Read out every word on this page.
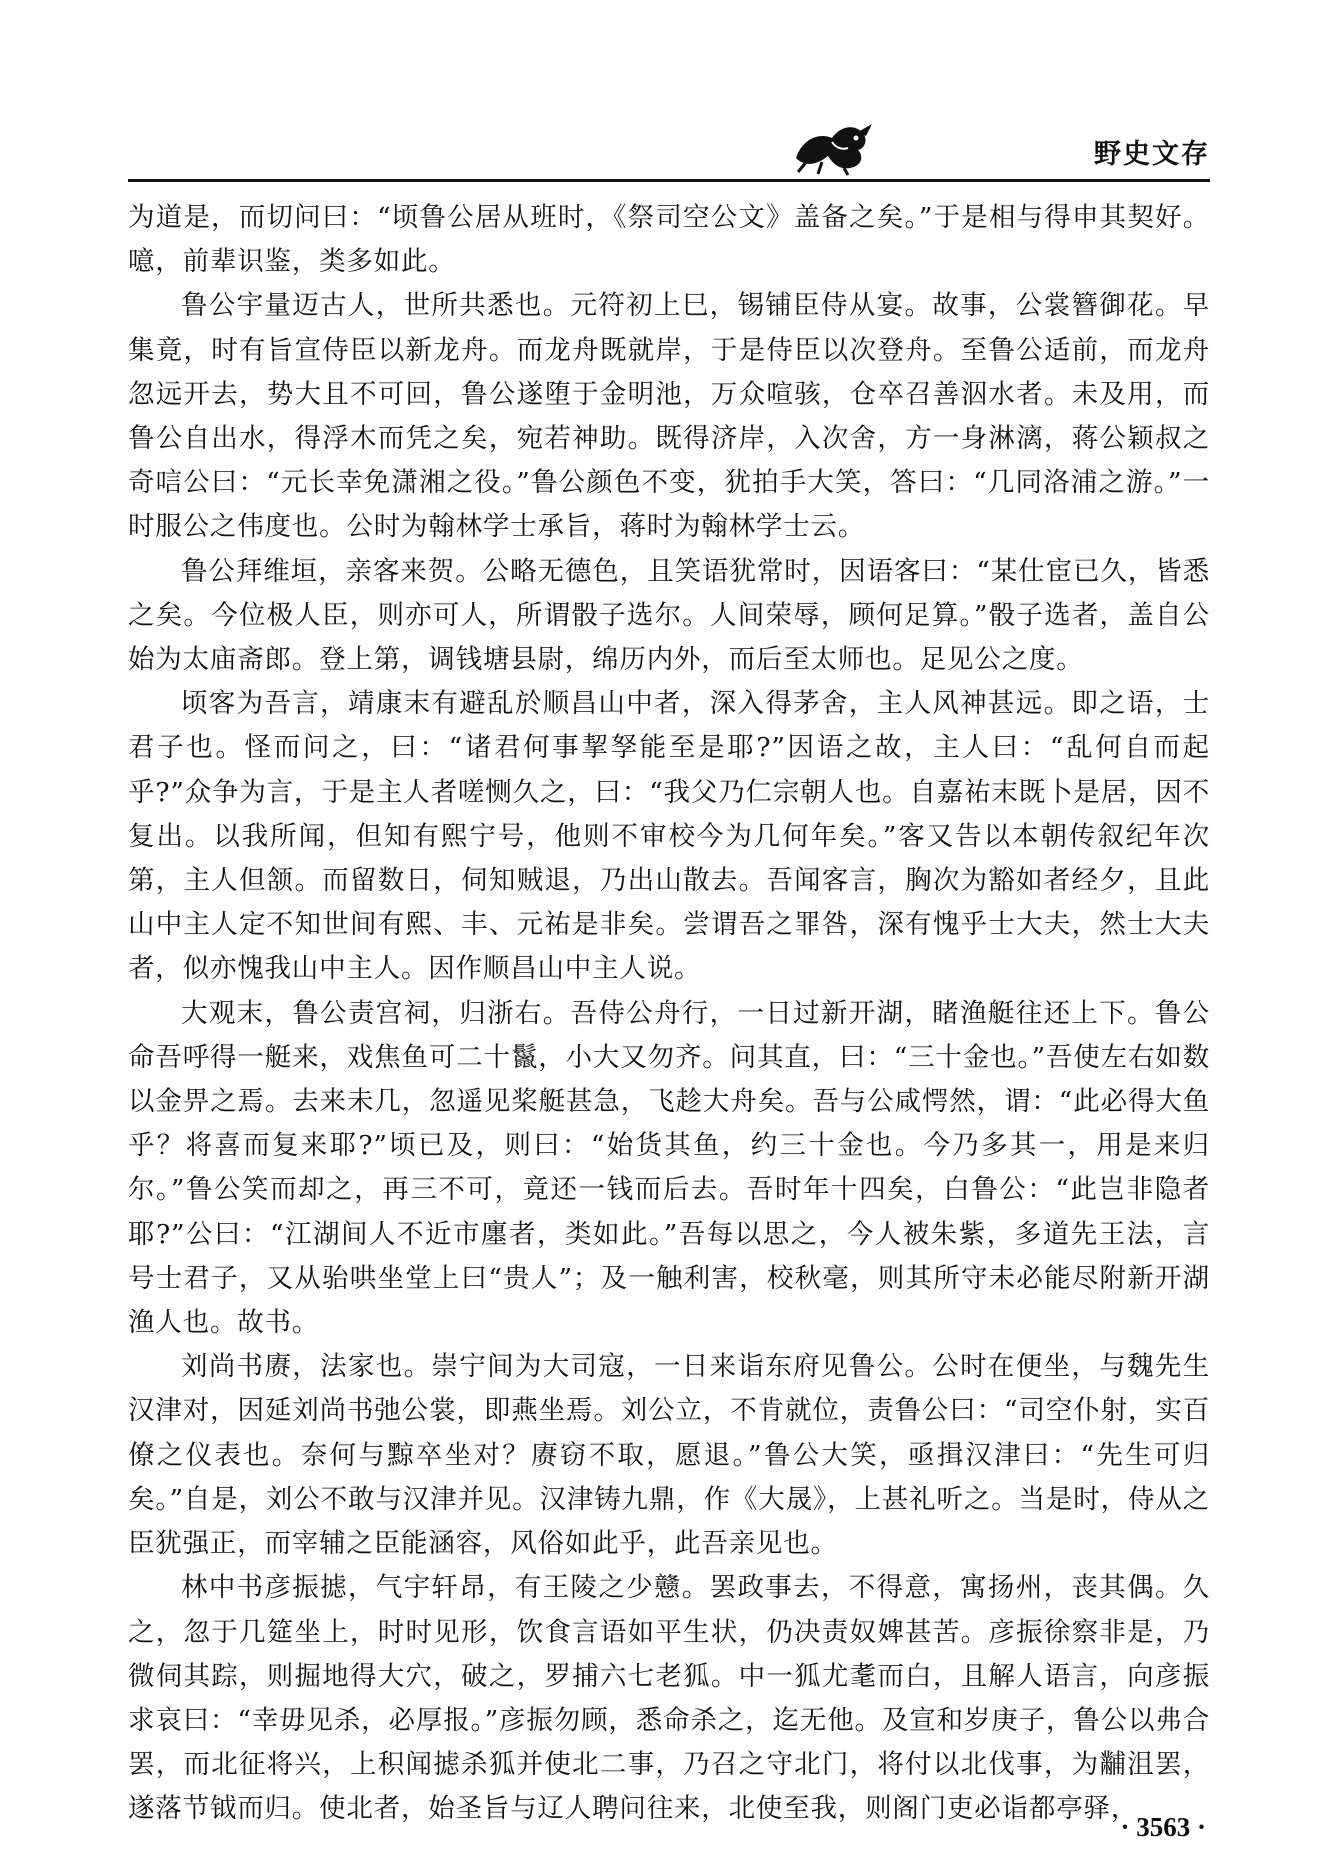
野史文存

为道是，而切问曰：“顷鲁公居从班时，《祭司空公文》盖备之矣。”于是相与得申其契好。噫，前辈识鉴，类多如此。

鲁公宇量迈古人，世所共悉也。元符初上巳，锡铺臣侍从宴。故事，公裳簪御花。早集竟，时有旨宣侍臣以新龙舟。而龙舟既就岸，于是侍臣以次登舟。至鲁公适前，而龙舟忽远开去，势大且不可回，鲁公遂堕于金明池，万众喧骇，仓卒召善泅水者。未及用，而鲁公自出水，得浮木而凭之矣，宛若神助。既得济岸，入次舍，方一身淋漓，蒋公颖叔之奇唁公曰：“元长幸免潇湘之役。”鲁公颜色不变，犹拍手大笑，答曰：“几同洛浦之游。”一时服公之伟度也。公时为翰林学士承旨，蒋时为翰林学士云。

鲁公拜维垣，亲客来贺。公略无德色，且笑语犹常时，因语客曰：“某仕宦已久，皆悉之矣。今位极人臣，则亦可人，所谓骰子选尔。人间荣辱，顾何足算。”骰子选者，盖自公始为太庙斋郎。登上第，调钱塘县尉，绵历内外，而后至太师也。足见公之度。

顷客为吾言，靖康末有避乱於顺昌山中者，深入得茅舍，主人风神甚远。即之语，士君子也。怪而问之，曰：“诸君何事挈孥能至是耶?”因语之故，主人曰：“乱何自而起乎?”众争为言，于是主人者嗟恻久之，曰：“我父乃仁宗朝人也。自嘉祐末既卜是居，因不复出。以我所闻，但知有熙宁号，他则不审校今为几何年矣。”客又告以本朝传叙纪年次第，主人但颔。而留数日，伺知贼退，乃出山散去。吾闻客言，胸次为豁如者经夕，且此山中主人定不知世间有熙、丰、元祐是非矣。尝谓吾之罪咎，深有愧乎士大夫，然士大夫者，似亦愧我山中主人。因作顺昌山中主人说。

大观末，鲁公责宫祠，归浙右。吾侍公舟行，一日过新开湖，睹渔艇往还上下。鲁公命吾呼得一艇来，戏焦鱼可二十鬣，小大又勿齐。问其直，曰：“三十金也。”吾使左右如数以金畀之焉。去来未几，忽遥见桨艇甚急，飞趁大舟矣。吾与公咸愕然，谓：“此必得大鱼乎？将喜而复来耶?”顷已及，则曰：“始货其鱼，约三十金也。今乃多其一，用是来归尔。”鲁公笑而却之，再三不可，竟还一钱而后去。吾时年十四矣，白鲁公：“此岂非隐者耶?”公曰：“江湖间人不近市廛者，类如此。”吾每以思之，今人被朱紫，多道先王法，言号士君子，又从骀哄坐堂上曰“贵人”；及一触利害，校秋毫，则其所守未必能尽附新开湖渔人也。故书。

刘尚书赓，法家也。崇宁间为大司寇，一日来诣东府见鲁公。公时在便坐，与魏先生汉津对，因延刘尚书弛公裳，即燕坐焉。刘公立，不肯就位，责鲁公曰：“司空仆射，实百僚之仪表也。奈何与黥卒坐对？赓窃不取，愿退。”鲁公大笑，亟揖汉津曰：“先生可归矣。”自是，刘公不敢与汉津并见。汉津铸九鼎，作《大晟》，上甚礼听之。当是时，侍从之臣犹强正，而宰辅之臣能涵容，风俗如此乎，此吾亲见也。

林中书彦振摅，气宇轩昂，有王陵之少戆。罢政事去，不得意，寓扬州，丧其偶。久之，忽于几筵坐上，时时见形，饮食言语如平生状，仍决责奴婢甚苦。彦振徐察非是，乃微伺其踪，则掘地得大穴，破之，罗捕六七老狐。中一狐尤耄而白，且解人语言，向彦振求哀曰：“幸毋见杀，必厚报。”彦振勿顾，悉命杀之，迄无他。及宣和岁庚子，鲁公以弗合罢，而北征将兴，上积闻摅杀狐并使北二事，乃召之守北门，将付以北伐事，为黼沮罢，遂落节钺而归。使北者，始圣旨与辽人聘问往来，北使至我，则阁门吏必诣都亭驿，

· 3563 ·
